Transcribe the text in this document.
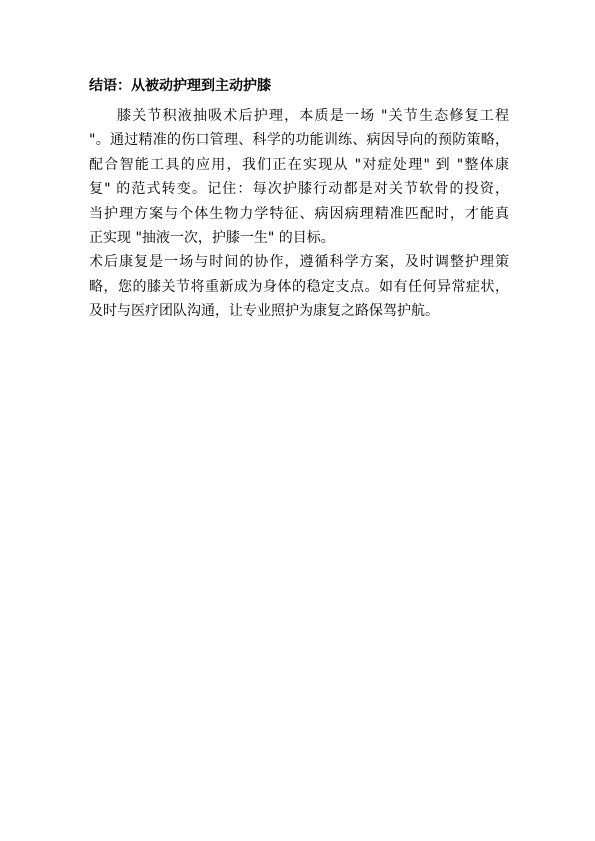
结语：从被动护理到主动护膝
膝关节积液抽吸术后护理，本质是一场 "关节生态修复工程
"。通过精准的伤口管理、科学的功能训练、病因导向的预防策略，
配合智能工具的应用，我们正在实现从 "对症处理" 到 "整体康
复" 的范式转变。记住：每次护膝行动都是对关节软骨的投资，
当护理方案与个体生物力学特征、病因病理精准匹配时，才能真
正实现 "抽液一次，护膝一生" 的目标。
术后康复是一场与时间的协作，遵循科学方案，及时调整护理策
略，您的膝关节将重新成为身体的稳定支点。如有任何异常症状，
及时与医疗团队沟通，让专业照护为康复之路保驾护航。
